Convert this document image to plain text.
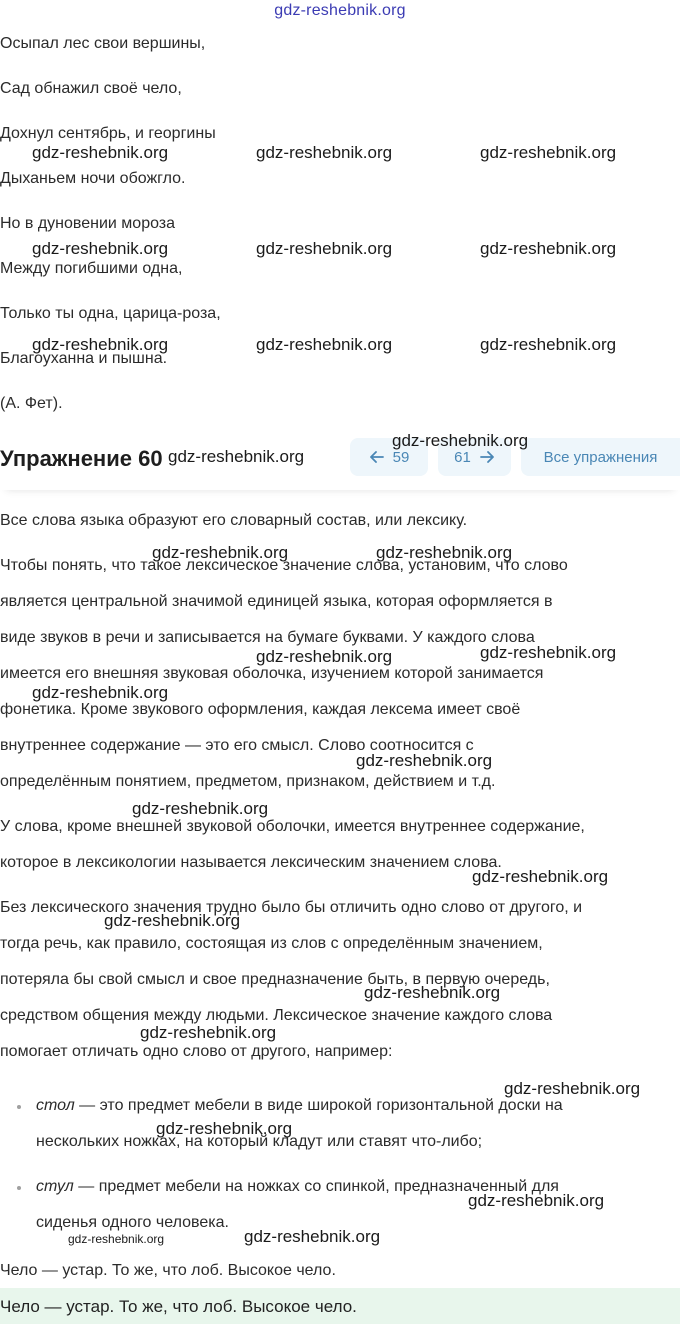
gdz-reshebnik.org
Осыпал лес свои вершины,
Сад обнажил своё чело,
Дохнул сентябрь, и георгины
Дыханьем ночи обожгло.
Но в дуновении мороза
Между погибшими одна,
Только ты одна, царица-роза,
Благоуханна и пышна.
(А. Фет).
Упражнение 60	59	61	Все упражнения
Все слова языка образуют его словарный состав, или лексику.
Чтобы понять, что такое лексическое значение слова, установим, что слово
является центральной значимой единицей языка, которая оформляется в
виде звуков в речи и записывается на бумаге буквами. У каждого слова
имеется его внешняя звуковая оболочка, изучением которой занимается
фонетика. Кроме звукового оформления, каждая лексема имеет своё
внутреннее содержание — это его смысл. Слово соотносится с
определённым понятием, предметом, признаком, действием и т.д.
У слова, кроме внешней звуковой оболочки, имеется внутреннее содержание,
которое в лексикологии называется лексическим значением слова.
Без лексического значения трудно было бы отличить одно слово от другого, и
тогда речь, как правило, состоящая из слов с определённым значением,
потеряла бы свой смысл и свое предназначение быть, в первую очередь,
средством общения между людьми. Лексическое значение каждого слова
помогает отличать одно слово от другого, например:
стол — это предмет мебели в виде широкой горизонтальной доски на
нескольких ножках, на который кладут или ставят что-либо;
стул — предмет мебели на ножках со спинкой, предназначенный для
сиденья одного человека.
Чело — устар. То же, что лоб. Высокое чело.
Чело — устар. То же, что лоб. Высокое чело.
gdz-reshebnik.org	gdz-reshebnik.org	gdz-reshebnik.org
gdz-reshebnik.org	gdz-reshebnik.org	gdz-reshebnik.org
gdz-reshebnik.org	gdz-reshebnik.org	gdz-reshebnik.org
gdz-reshebnik.org
gdz-reshebnik.org
gdz-reshebnik.org	gdz-reshebnik.org
gdz-reshebnik.org	gdz-reshebnik.org
gdz-reshebnik.org
gdz-reshebnik.org
gdz-reshebnik.org
gdz-reshebnik.org
gdz-reshebnik.org
gdz-reshebnik.org
gdz-reshebnik.org
gdz-reshebnik.org
gdz-reshebnik.org
gdz-reshebnik.org
gdz-reshebnik.org
gdz-reshebnik.org
